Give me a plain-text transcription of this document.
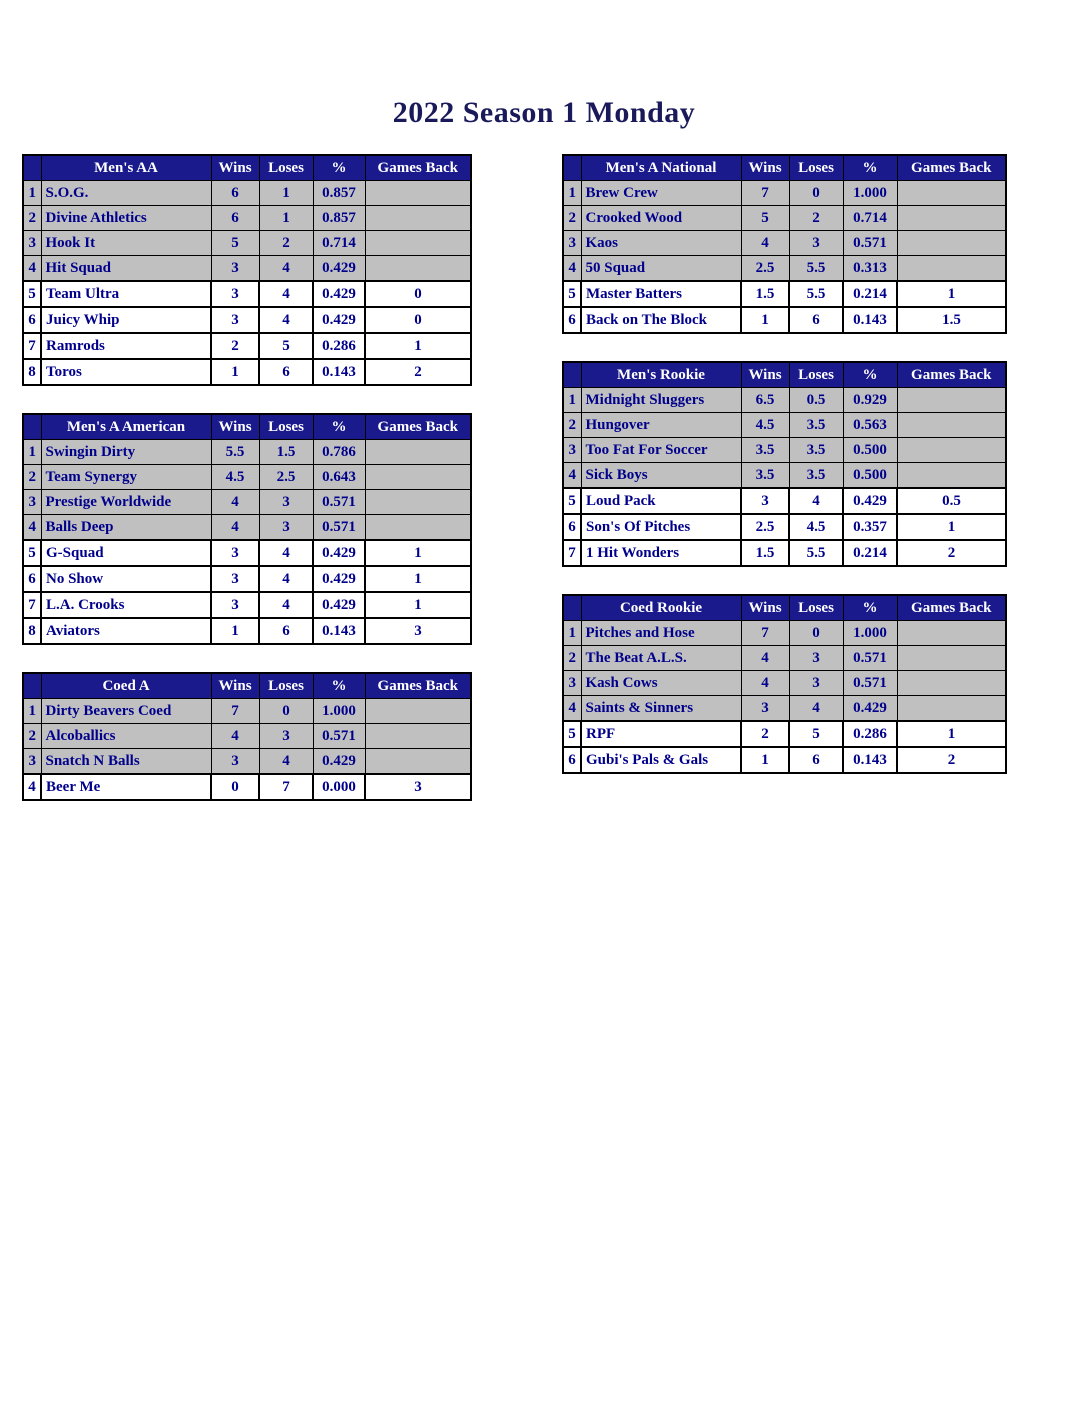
2022 Season 1 Monday
	Men's AA	Wins	Loses	%	Games Back
1	S.O.G.	6	1	0.857	
2	Divine Athletics	6	1	0.857	
3	Hook It	5	2	0.714	
4	Hit Squad	3	4	0.429	
5	Team Ultra	3	4	0.429	0
6	Juicy Whip	3	4	0.429	0
7	Ramrods	2	5	0.286	1
8	Toros	1	6	0.143	2
	Men's A American	Wins	Loses	%	Games Back
1	Swingin Dirty	5.5	1.5	0.786	
2	Team Synergy	4.5	2.5	0.643	
3	Prestige Worldwide	4	3	0.571	
4	Balls Deep	4	3	0.571	
5	G-Squad	3	4	0.429	1
6	No Show	3	4	0.429	1
7	L.A. Crooks	3	4	0.429	1
8	Aviators	1	6	0.143	3
	Coed A	Wins	Loses	%	Games Back
1	Dirty Beavers Coed	7	0	1.000	
2	Alcoballics	4	3	0.571	
3	Snatch N Balls	3	4	0.429	
4	Beer Me	0	7	0.000	3
	Men's A National	Wins	Loses	%	Games Back
1	Brew Crew	7	0	1.000	
2	Crooked Wood	5	2	0.714	
3	Kaos	4	3	0.571	
4	50 Squad	2.5	5.5	0.313	
5	Master Batters	1.5	5.5	0.214	1
6	Back on The Block	1	6	0.143	1.5
	Men's Rookie	Wins	Loses	%	Games Back
1	Midnight Sluggers	6.5	0.5	0.929	
2	Hungover	4.5	3.5	0.563	
3	Too Fat For Soccer	3.5	3.5	0.500	
4	Sick Boys	3.5	3.5	0.500	
5	Loud Pack	3	4	0.429	0.5
6	Son's Of Pitches	2.5	4.5	0.357	1
7	1 Hit Wonders	1.5	5.5	0.214	2
	Coed Rookie	Wins	Loses	%	Games Back
1	Pitches and Hose	7	0	1.000	
2	The Beat A.L.S.	4	3	0.571	
3	Kash Cows	4	3	0.571	
4	Saints & Sinners	3	4	0.429	
5	RPF	2	5	0.286	1
6	Gubi's Pals & Gals	1	6	0.143	2
